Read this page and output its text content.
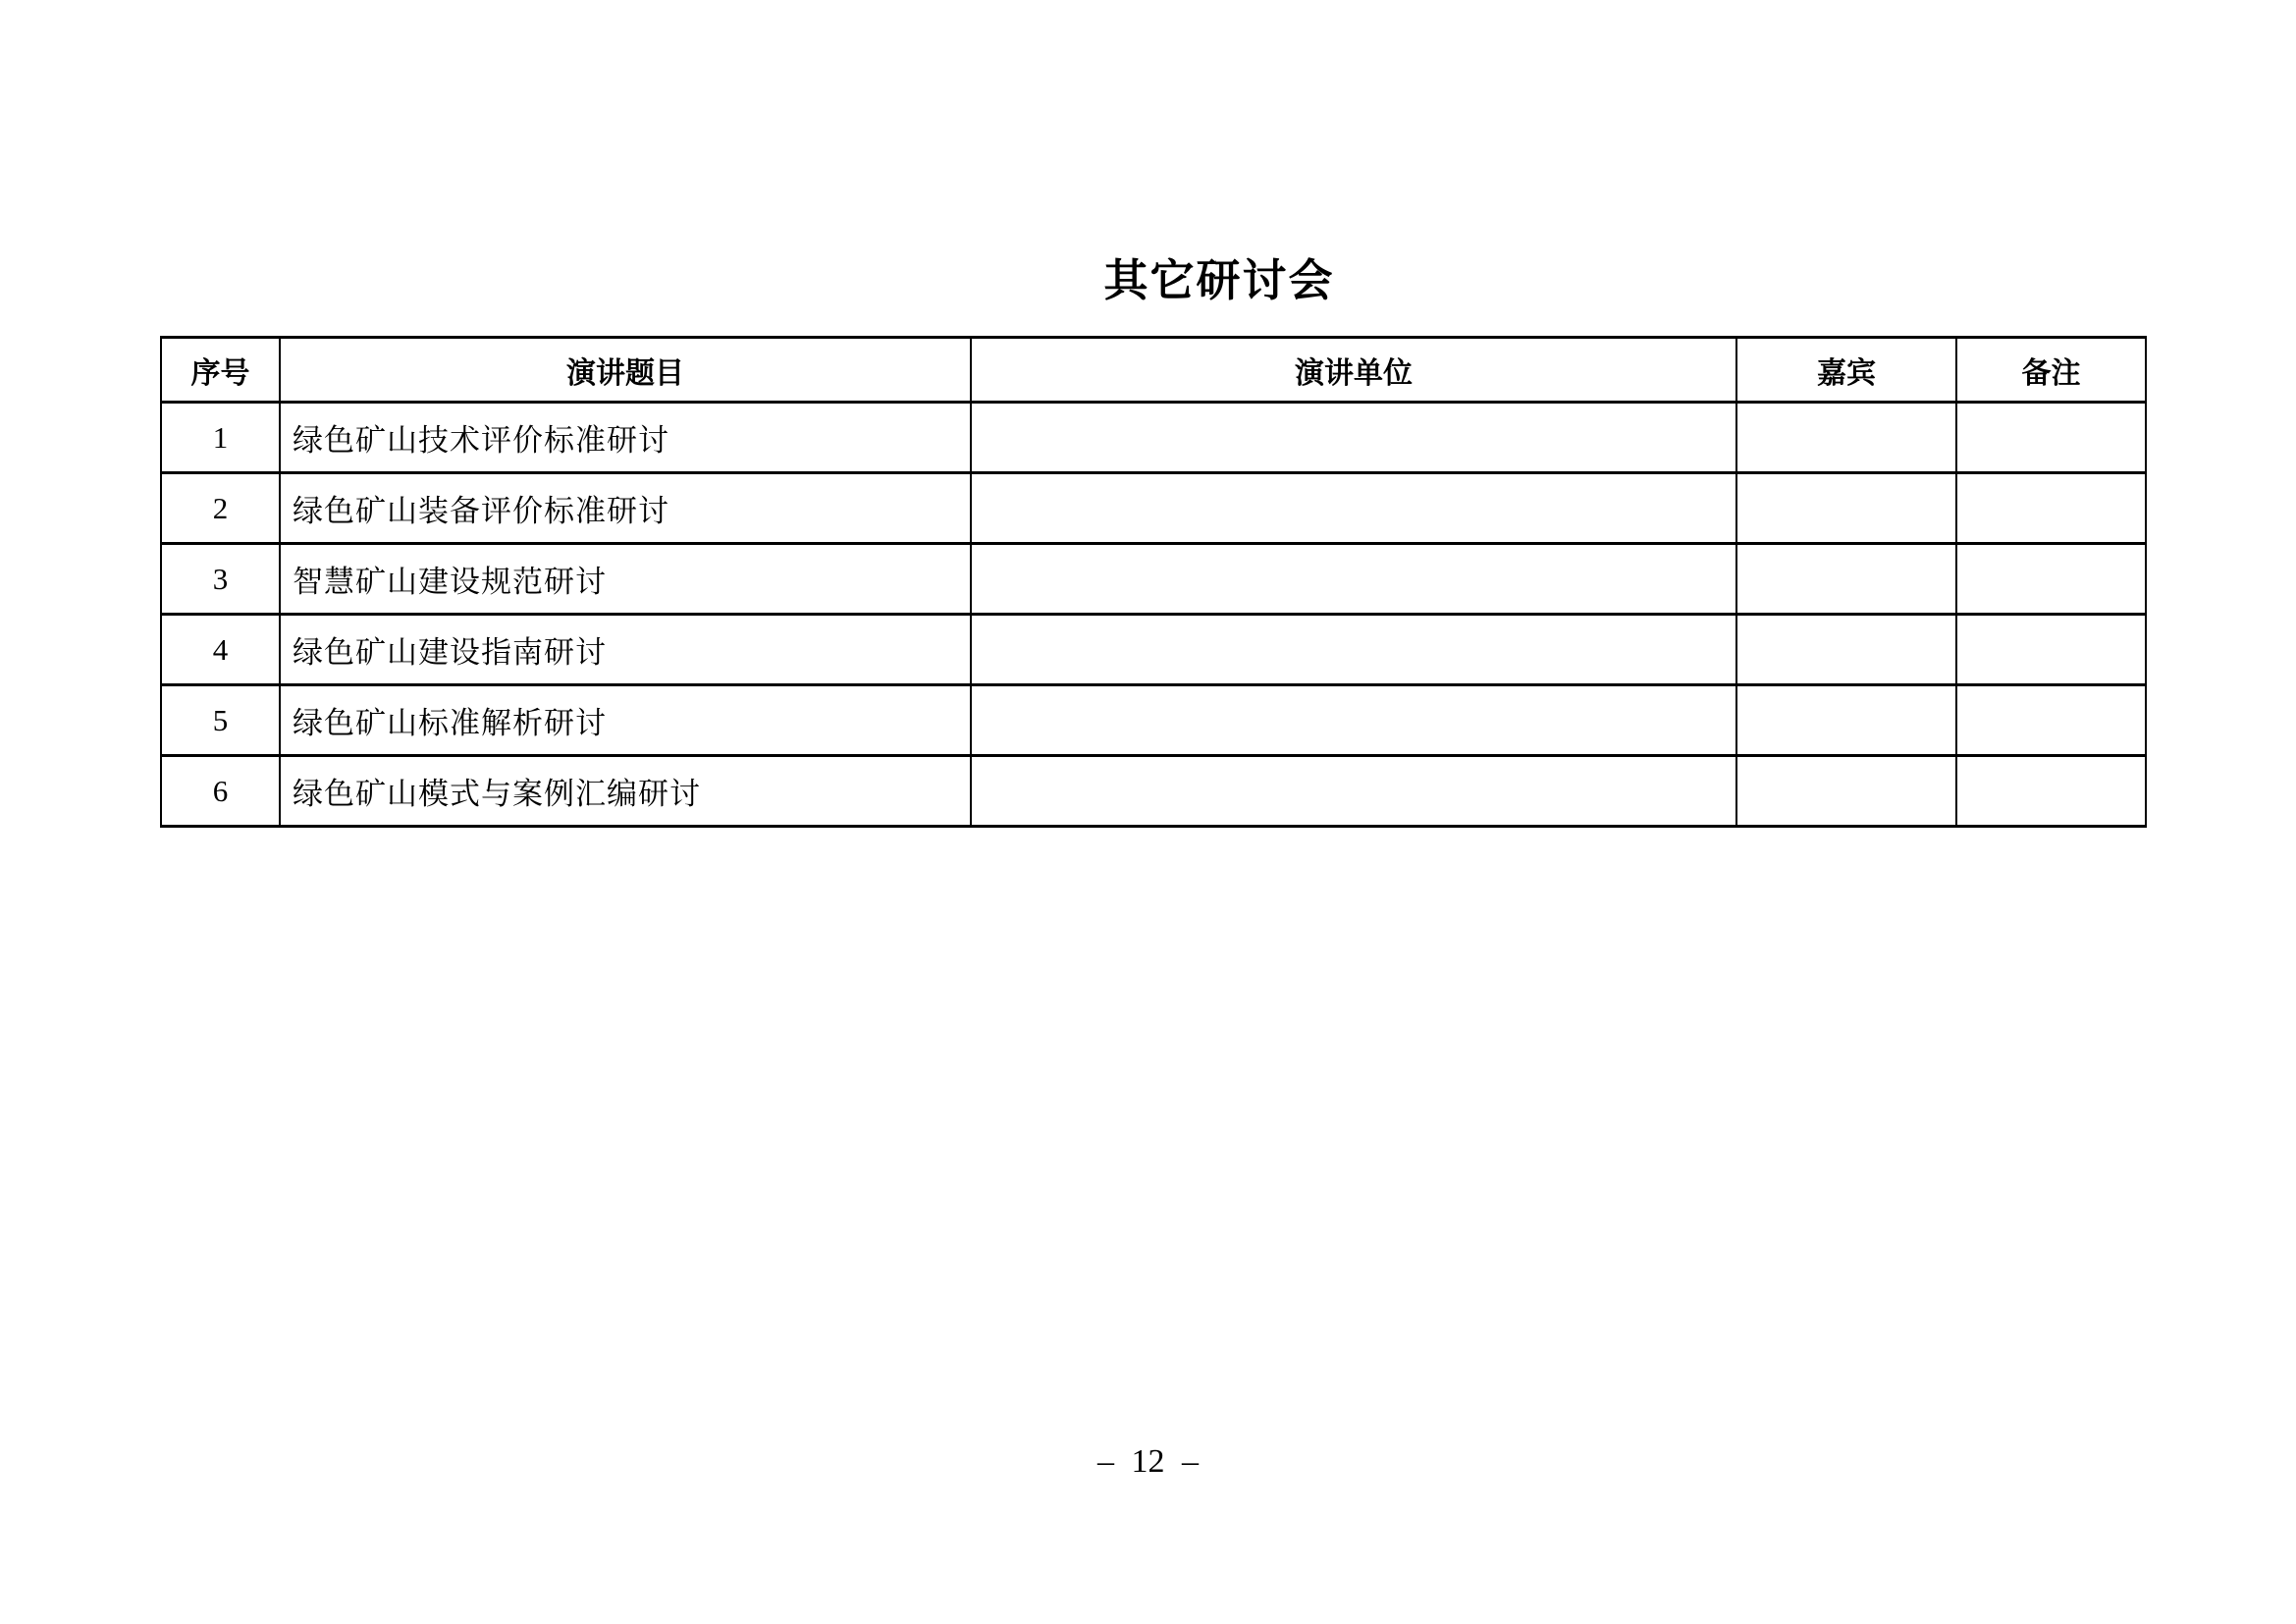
其它研讨会
序号	演讲题目	演讲单位	嘉宾	备注
1	绿色矿山技术评价标准研讨			
2	绿色矿山装备评价标准研讨			
3	智慧矿山建设规范研讨			
4	绿色矿山建设指南研讨			
5	绿色矿山标准解析研讨			
6	绿色矿山模式与案例汇编研讨			
– 12 –
